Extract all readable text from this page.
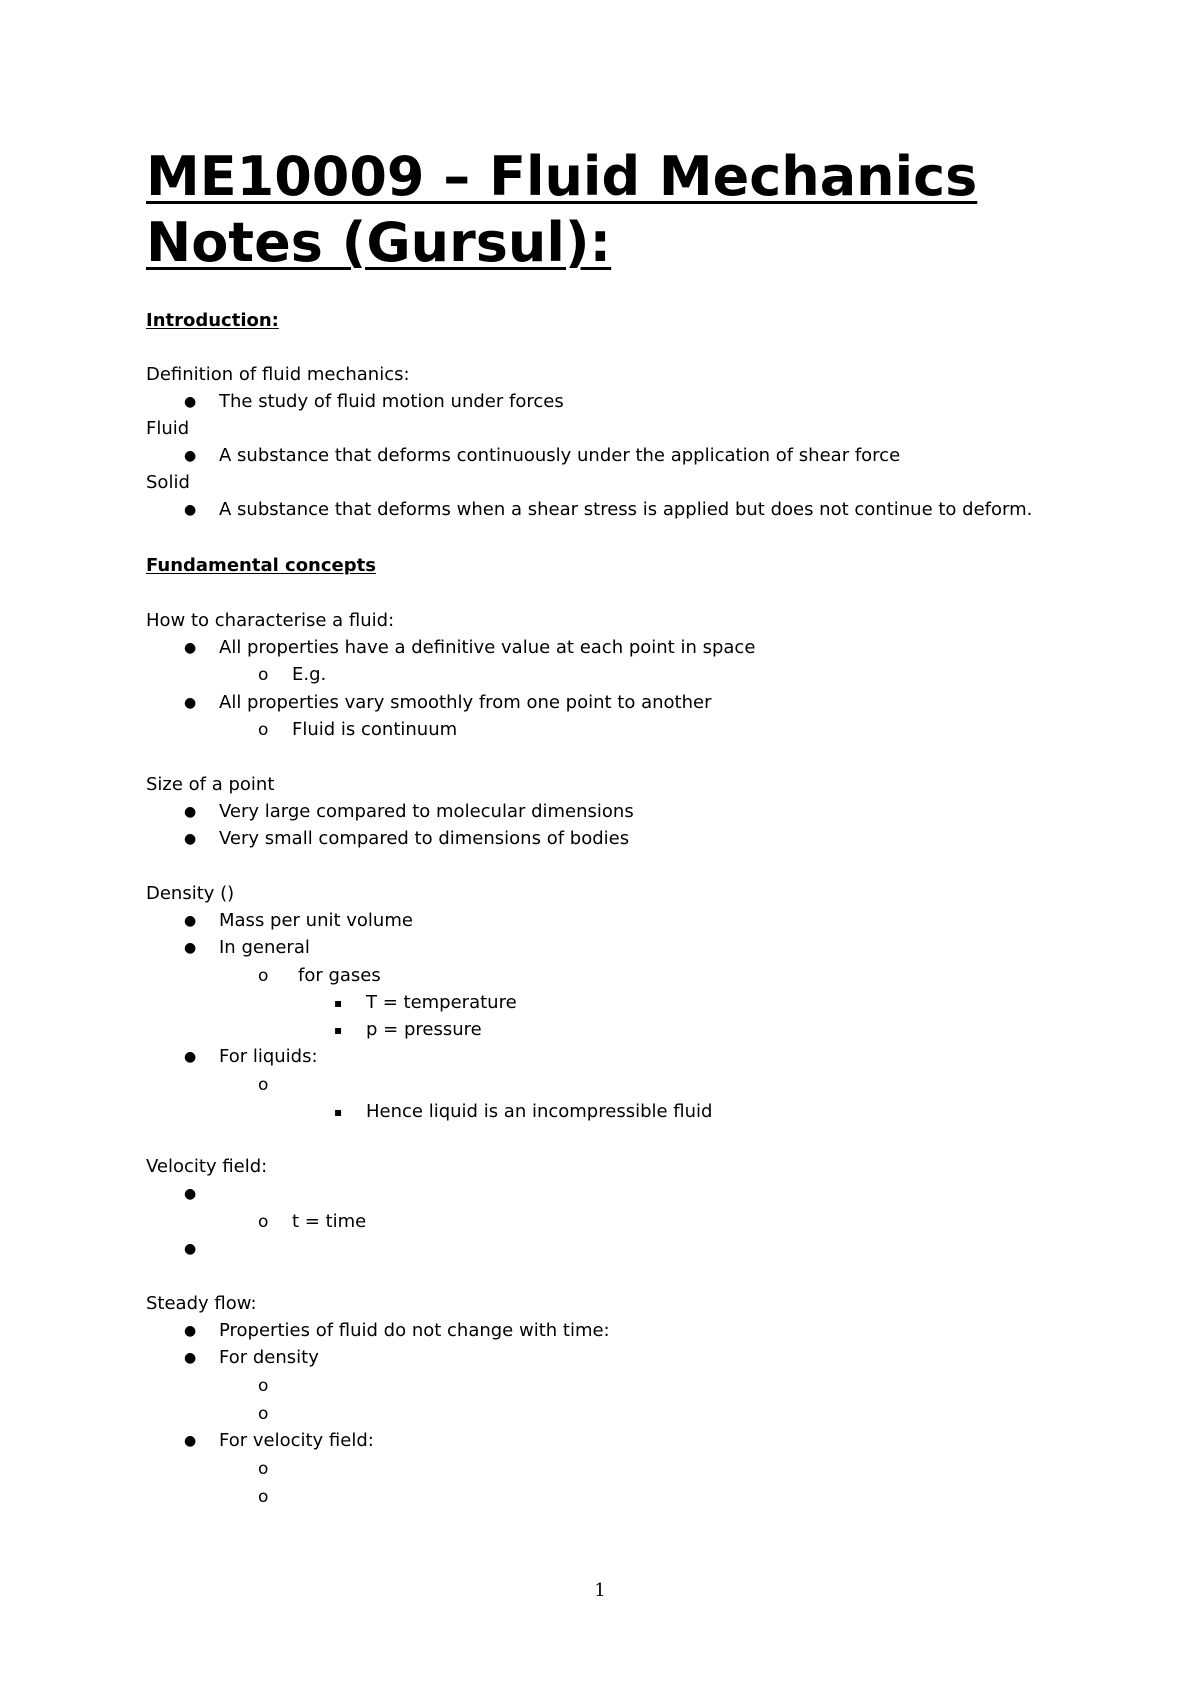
ME10009 – Fluid Mechanics
Notes (Gursul):
Introduction:
Definition of fluid mechanics:
● The study of fluid motion under forces
Fluid
● A substance that deforms continuously under the application of shear force
Solid
● A substance that deforms when a shear stress is applied but does not continue to deform.
Fundamental concepts
How to characterise a fluid:
● All properties have a definitive value at each point in space
o E.g.
● All properties vary smoothly from one point to another
o Fluid is continuum
Size of a point
● Very large compared to molecular dimensions
● Very small compared to dimensions of bodies
Density ()
● Mass per unit volume
● In general
o for gases
▪ T = temperature
▪ p = pressure
● For liquids:
o
▪ Hence liquid is an incompressible fluid
Velocity field:
●
o t = time
●
Steady flow:
● Properties of fluid do not change with time:
● For density
o
o
● For velocity field:
o
o
1
